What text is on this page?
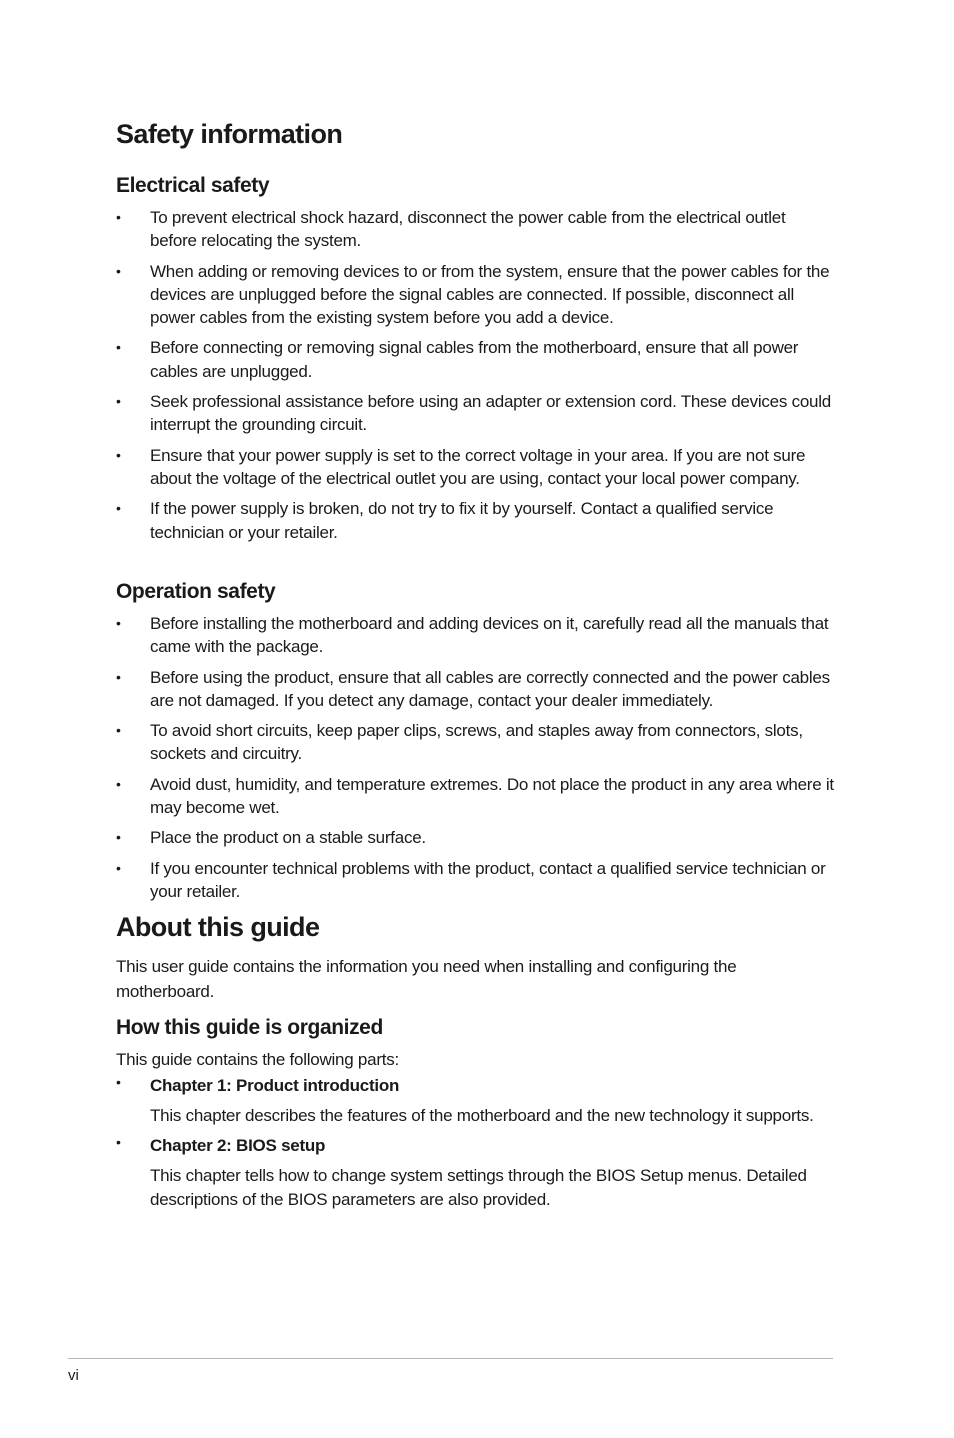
Safety information
Electrical safety
•	To prevent electrical shock hazard, disconnect the power cable from the electrical outlet before relocating the system.
•	When adding or removing devices to or from the system, ensure that the power cables for the devices are unplugged before the signal cables are connected. If possible, disconnect all power cables from the existing system before you add a device.
•	Before connecting or removing signal cables from the motherboard, ensure that all power cables are unplugged.
•	Seek professional assistance before using an adapter or extension cord. These devices could interrupt the grounding circuit.
•	Ensure that your power supply is set to the correct voltage in your area. If you are not sure about the voltage of the electrical outlet you are using, contact your local power company.
•	If the power supply is broken, do not try to fix it by yourself. Contact a qualified service technician or your retailer.
Operation safety
•	Before installing the motherboard and adding devices on it, carefully read all the manuals that came with the package.
•	Before using the product, ensure that all cables are correctly connected and the power cables are not damaged. If you detect any damage, contact your dealer immediately.
•	To avoid short circuits, keep paper clips, screws, and staples away from connectors, slots, sockets and circuitry.
•	Avoid dust, humidity, and temperature extremes. Do not place the product in any area where it may become wet.
•	Place the product on a stable surface.
•	If you encounter technical problems with the product, contact a qualified service technician or your retailer.
About this guide
This user guide contains the information you need when installing and configuring the motherboard.
How this guide is organized
This guide contains the following parts:
• Chapter 1: Product introduction
This chapter describes the features of the motherboard and the new technology it supports.
• Chapter 2: BIOS setup
This chapter tells how to change system settings through the BIOS Setup menus. Detailed descriptions of the BIOS parameters are also provided.
vi
